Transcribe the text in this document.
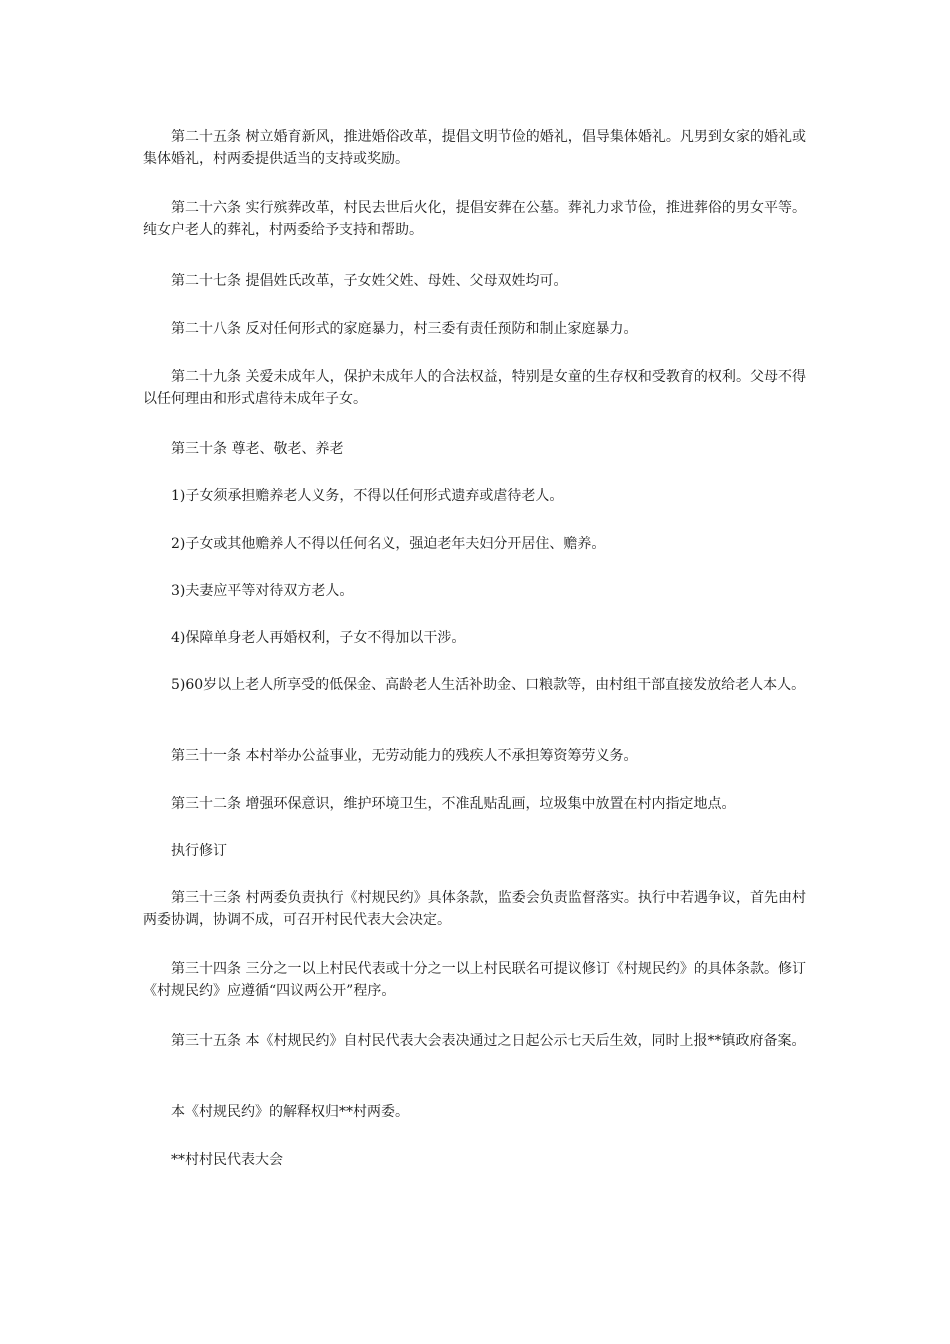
第二十五条 树立婚育新风，推进婚俗改革，提倡文明节俭的婚礼，倡导集体婚礼。凡男到女家的婚礼或集体婚礼，村两委提供适当的支持或奖励。

第二十六条 实行殡葬改革，村民去世后火化，提倡安葬在公墓。葬礼力求节俭，推进葬俗的男女平等。纯女户老人的葬礼，村两委给予支持和帮助。

第二十七条 提倡姓氏改革，子女姓父姓、母姓、父母双姓均可。

第二十八条 反对任何形式的家庭暴力，村三委有责任预防和制止家庭暴力。

第二十九条 关爱未成年人，保护未成年人的合法权益，特别是女童的生存权和受教育的权利。父母不得以任何理由和形式虐待未成年子女。

第三十条 尊老、敬老、养老

1)子女须承担赡养老人义务，不得以任何形式遗弃或虐待老人。

2)子女或其他赡养人不得以任何名义，强迫老年夫妇分开居住、赡养。

3)夫妻应平等对待双方老人。

4)保障单身老人再婚权利，子女不得加以干涉。

5)60岁以上老人所享受的低保金、高龄老人生活补助金、口粮款等，由村组干部直接发放给老人本人。

第三十一条 本村举办公益事业，无劳动能力的残疾人不承担筹资筹劳义务。

第三十二条 增强环保意识，维护环境卫生，不准乱贴乱画，垃圾集中放置在村内指定地点。

执行修订

第三十三条 村两委负责执行《村规民约》具体条款，监委会负责监督落实。执行中若遇争议，首先由村两委协调，协调不成，可召开村民代表大会决定。

第三十四条 三分之一以上村民代表或十分之一以上村民联名可提议修订《村规民约》的具体条款。修订《村规民约》应遵循“四议两公开”程序。

第三十五条 本《村规民约》自村民代表大会表决通过之日起公示七天后生效，同时上报**镇政府备案。

本《村规民约》的解释权归**村两委。

**村村民代表大会
